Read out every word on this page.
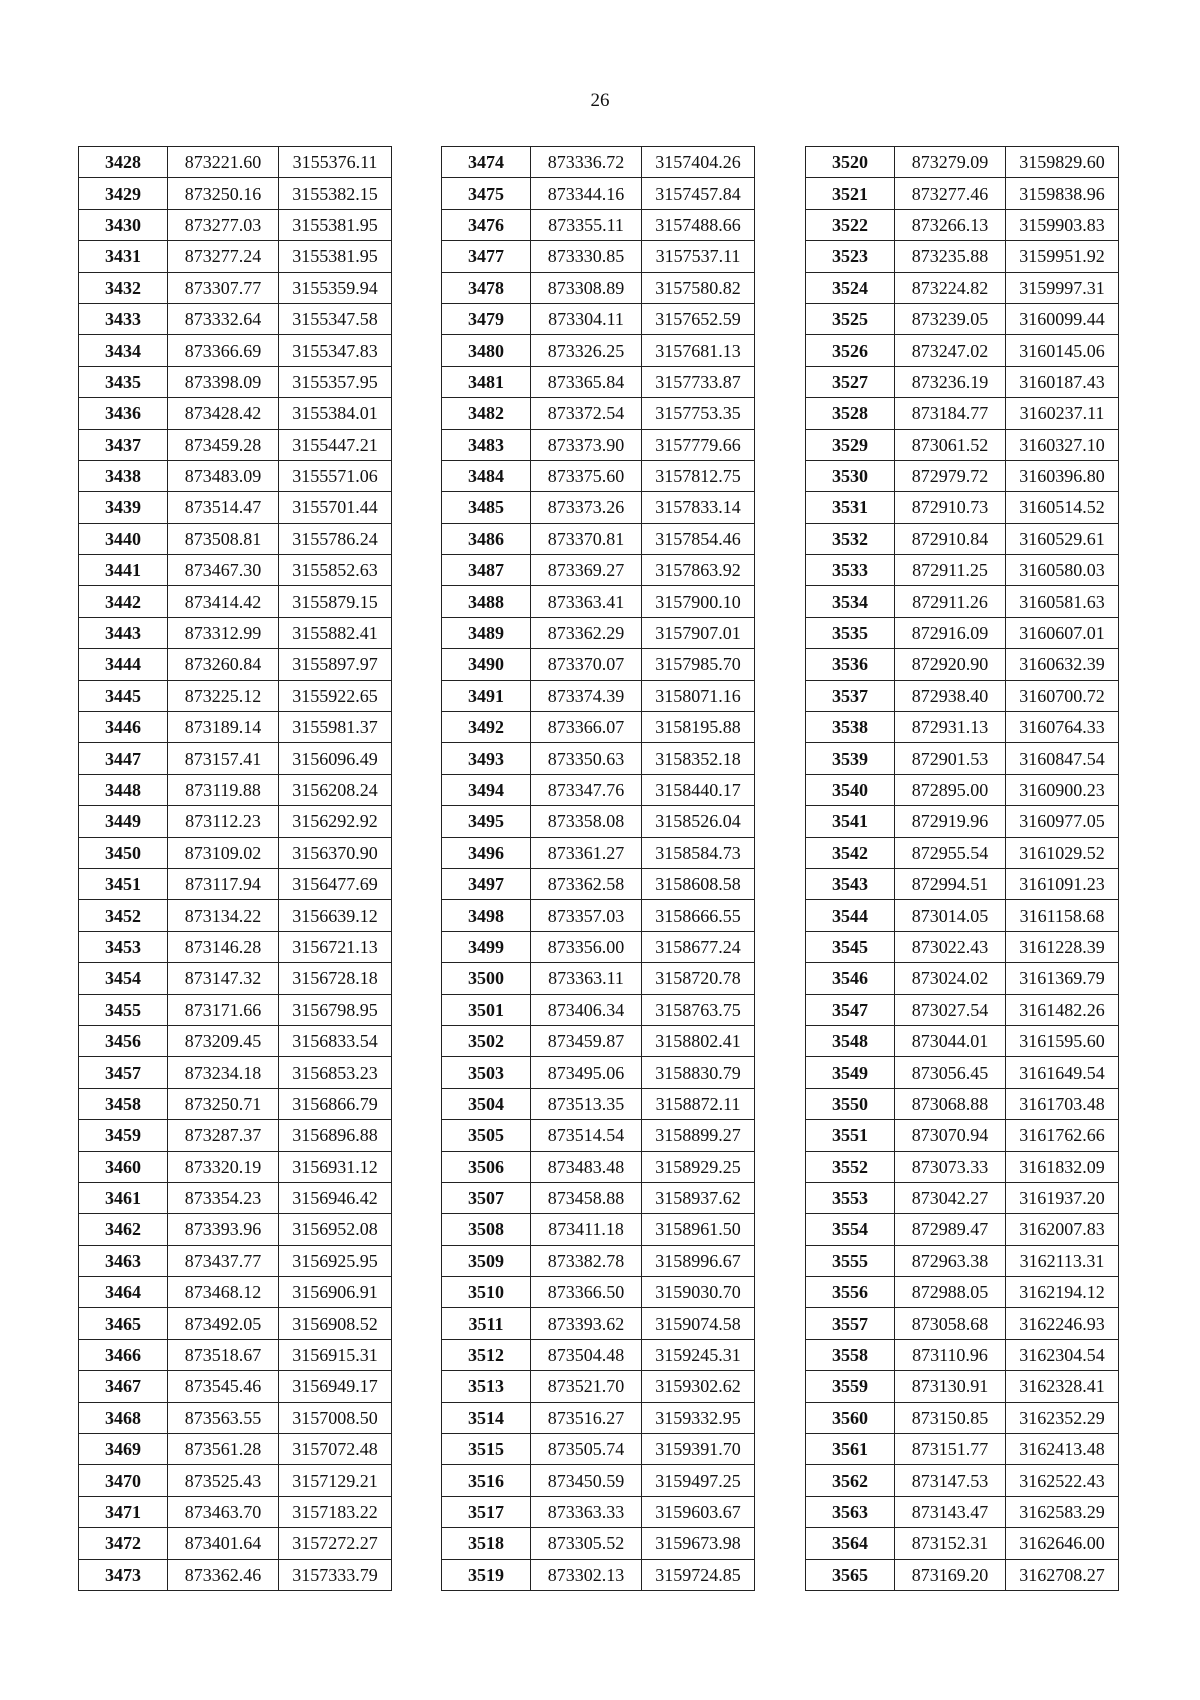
26
3428	873221.60	3155376.11
3429	873250.16	3155382.15
3430	873277.03	3155381.95
3431	873277.24	3155381.95
3432	873307.77	3155359.94
3433	873332.64	3155347.58
3434	873366.69	3155347.83
3435	873398.09	3155357.95
3436	873428.42	3155384.01
3437	873459.28	3155447.21
3438	873483.09	3155571.06
3439	873514.47	3155701.44
3440	873508.81	3155786.24
3441	873467.30	3155852.63
3442	873414.42	3155879.15
3443	873312.99	3155882.41
3444	873260.84	3155897.97
3445	873225.12	3155922.65
3446	873189.14	3155981.37
3447	873157.41	3156096.49
3448	873119.88	3156208.24
3449	873112.23	3156292.92
3450	873109.02	3156370.90
3451	873117.94	3156477.69
3452	873134.22	3156639.12
3453	873146.28	3156721.13
3454	873147.32	3156728.18
3455	873171.66	3156798.95
3456	873209.45	3156833.54
3457	873234.18	3156853.23
3458	873250.71	3156866.79
3459	873287.37	3156896.88
3460	873320.19	3156931.12
3461	873354.23	3156946.42
3462	873393.96	3156952.08
3463	873437.77	3156925.95
3464	873468.12	3156906.91
3465	873492.05	3156908.52
3466	873518.67	3156915.31
3467	873545.46	3156949.17
3468	873563.55	3157008.50
3469	873561.28	3157072.48
3470	873525.43	3157129.21
3471	873463.70	3157183.22
3472	873401.64	3157272.27
3473	873362.46	3157333.79
3474	873336.72	3157404.26
3475	873344.16	3157457.84
3476	873355.11	3157488.66
3477	873330.85	3157537.11
3478	873308.89	3157580.82
3479	873304.11	3157652.59
3480	873326.25	3157681.13
3481	873365.84	3157733.87
3482	873372.54	3157753.35
3483	873373.90	3157779.66
3484	873375.60	3157812.75
3485	873373.26	3157833.14
3486	873370.81	3157854.46
3487	873369.27	3157863.92
3488	873363.41	3157900.10
3489	873362.29	3157907.01
3490	873370.07	3157985.70
3491	873374.39	3158071.16
3492	873366.07	3158195.88
3493	873350.63	3158352.18
3494	873347.76	3158440.17
3495	873358.08	3158526.04
3496	873361.27	3158584.73
3497	873362.58	3158608.58
3498	873357.03	3158666.55
3499	873356.00	3158677.24
3500	873363.11	3158720.78
3501	873406.34	3158763.75
3502	873459.87	3158802.41
3503	873495.06	3158830.79
3504	873513.35	3158872.11
3505	873514.54	3158899.27
3506	873483.48	3158929.25
3507	873458.88	3158937.62
3508	873411.18	3158961.50
3509	873382.78	3158996.67
3510	873366.50	3159030.70
3511	873393.62	3159074.58
3512	873504.48	3159245.31
3513	873521.70	3159302.62
3514	873516.27	3159332.95
3515	873505.74	3159391.70
3516	873450.59	3159497.25
3517	873363.33	3159603.67
3518	873305.52	3159673.98
3519	873302.13	3159724.85
3520	873279.09	3159829.60
3521	873277.46	3159838.96
3522	873266.13	3159903.83
3523	873235.88	3159951.92
3524	873224.82	3159997.31
3525	873239.05	3160099.44
3526	873247.02	3160145.06
3527	873236.19	3160187.43
3528	873184.77	3160237.11
3529	873061.52	3160327.10
3530	872979.72	3160396.80
3531	872910.73	3160514.52
3532	872910.84	3160529.61
3533	872911.25	3160580.03
3534	872911.26	3160581.63
3535	872916.09	3160607.01
3536	872920.90	3160632.39
3537	872938.40	3160700.72
3538	872931.13	3160764.33
3539	872901.53	3160847.54
3540	872895.00	3160900.23
3541	872919.96	3160977.05
3542	872955.54	3161029.52
3543	872994.51	3161091.23
3544	873014.05	3161158.68
3545	873022.43	3161228.39
3546	873024.02	3161369.79
3547	873027.54	3161482.26
3548	873044.01	3161595.60
3549	873056.45	3161649.54
3550	873068.88	3161703.48
3551	873070.94	3161762.66
3552	873073.33	3161832.09
3553	873042.27	3161937.20
3554	872989.47	3162007.83
3555	872963.38	3162113.31
3556	872988.05	3162194.12
3557	873058.68	3162246.93
3558	873110.96	3162304.54
3559	873130.91	3162328.41
3560	873150.85	3162352.29
3561	873151.77	3162413.48
3562	873147.53	3162522.43
3563	873143.47	3162583.29
3564	873152.31	3162646.00
3565	873169.20	3162708.27
